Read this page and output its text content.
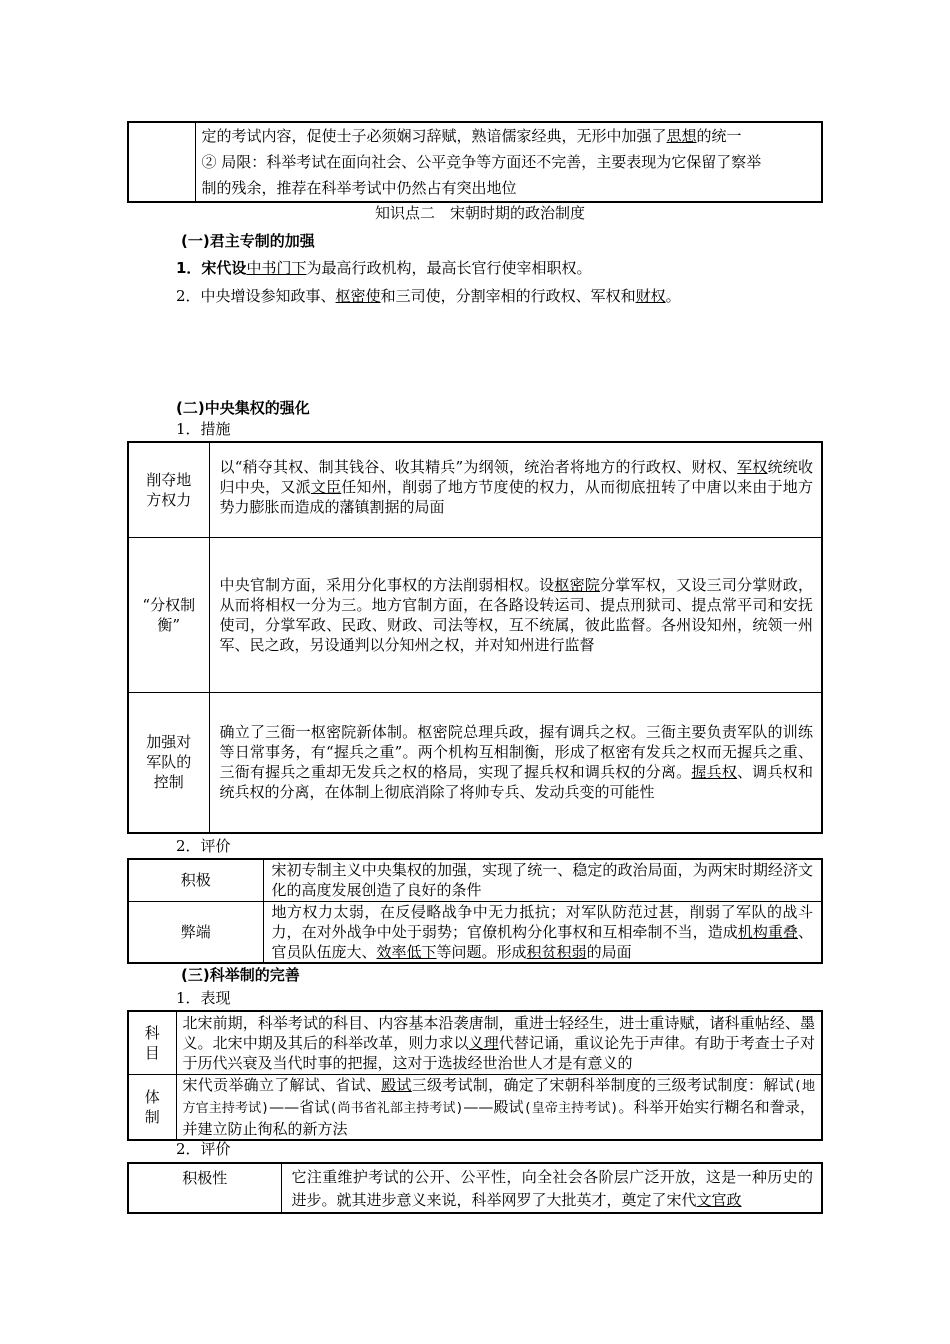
定的考试内容，促使士子必须娴习辞赋，熟谙儒家经典，无形中加强了思想的统一
② 局限：科举考试在面向社会、公平竞争等方面还不完善，主要表现为它保留了察举
制的残余，推荐在科举考试中仍然占有突出地位
知识点二　宋朝时期的政治制度
(一)君主专制的加强
1．宋代设中书门下为最高行政机构，最高长官行使宰相职权。
2．中央增设参知政事、枢密使和三司使，分割宰相的行政权、军权和财权。
(二)中央集权的强化
1．措施
削夺地方权力	以“稍夺其权、制其钱谷、收其精兵”为纲领，统治者将地方的行政权、财权、军权统统收归中央，又派文臣任知州，削弱了地方节度使的权力，从而彻底扭转了中唐以来由于地方势力膨胀而造成的藩镇割据的局面

“分权制衡”	中央官制方面，采用分化事权的方法削弱相权。设枢密院分掌军权，又设三司分掌财政，从而将相权一分为三。地方官制方面，在各路设转运司、提点刑狱司、提点常平司和安抚使司，分掌军政、民政、财政、司法等权，互不统属，彼此监督。各州设知州，统领一州军、民之政，另设通判以分知州之权，并对知州进行监督

加强对军队的控制	确立了三衙一枢密院新体制。枢密院总理兵政，握有调兵之权。三衙主要负责军队的训练等日常事务，有“握兵之重”。两个机构互相制衡，形成了枢密有发兵之权而无握兵之重、三衙有握兵之重却无发兵之权的格局，实现了握兵权和调兵权的分离。握兵权、调兵权和统兵权的分离，在体制上彻底消除了将帅专兵、发动兵变的可能性
2．评价
积极	宋初专制主义中央集权的加强，实现了统一、稳定的政治局面，为两宋时期经济文化的高度发展创造了良好的条件

弊端	地方权力太弱，在反侵略战争中无力抵抗；对军队防范过甚，削弱了军队的战斗力，在对外战争中处于弱势；官僚机构分化事权和互相牵制不当，造成机构重叠、官员队伍庞大、效率低下等问题。形成积贫积弱的局面
(三)科举制的完善
1．表现
科目	北宋前期，科举考试的科目、内容基本沿袭唐制，重进士轻经生，进士重诗赋，诸科重帖经、墨义。北宋中期及其后的科举改革，则力求以义理代替记诵，重议论先于声律。有助于考查士子对于历代兴衰及当代时事的把握，这对于选拔经世治世人才是有意义的

体制	宋代贡举确立了解试、省试、殿试三级考试制，确定了宋朝科举制度的三级考试制度：解试(地方官主持考试)——省试(尚书省礼部主持考试)——殿试(皇帝主持考试)。科举开始实行糊名和誊录，并建立防止徇私的新方法
2．评价
积极性	它注重维护考试的公开、公平性，向全社会各阶层广泛开放，这是一种历史的进步。就其进步意义来说，科举网罗了大批英才，奠定了宋代文官政
